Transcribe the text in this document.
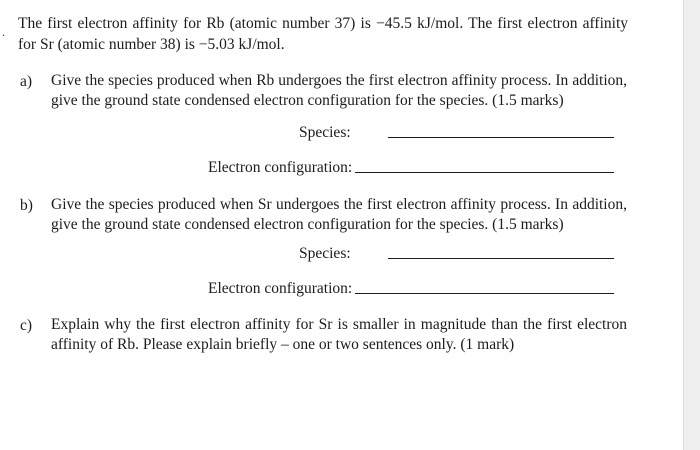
. The first electron affinity for Rb (atomic number 37) is −45.5 kJ/mol. The first electron affinity for Sr (atomic number 38) is −5.03 kJ/mol.

a) Give the species produced when Rb undergoes the first electron affinity process. In addition, give the ground state condensed electron configuration for the species. (1.5 marks)

Species:
Electron configuration:
b) Give the species produced when Sr undergoes the first electron affinity process. In addition, give the ground state condensed electron configuration for the species. (1.5 marks)

Species:
Electron configuration:
c) Explain why the first electron affinity for Sr is smaller in magnitude than the first electron affinity of Rb. Please explain briefly – one or two sentences only. (1 mark)
